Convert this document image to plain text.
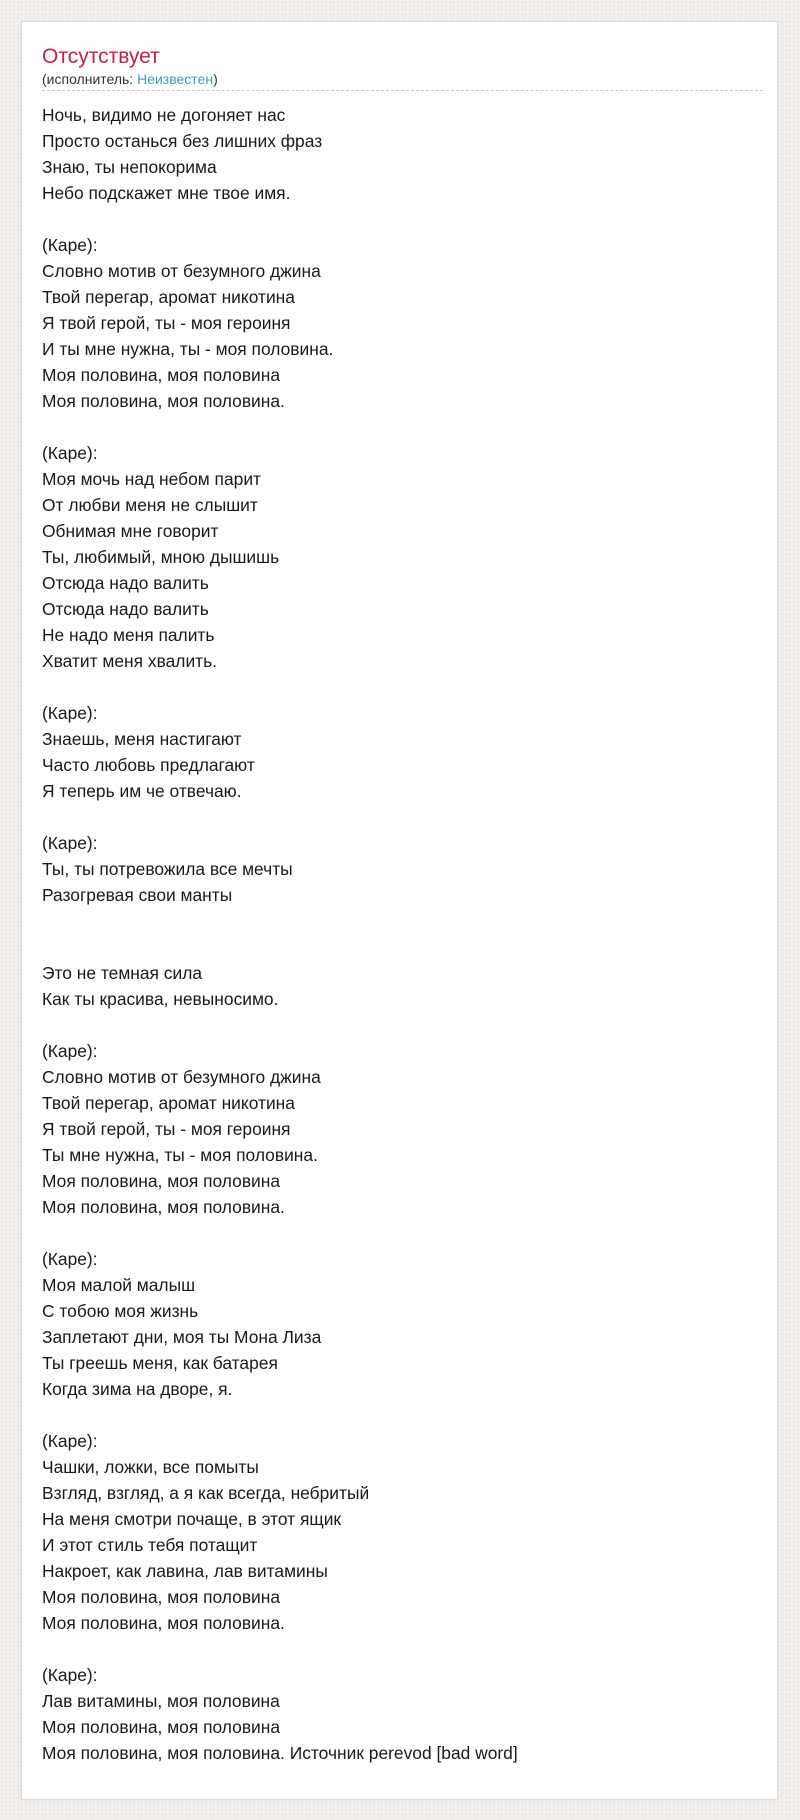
Отсутствует
(исполнитель: Неизвестен)
Ночь, видимо не догоняет нас
Просто останься без лишних фраз
Знаю, ты непокорима
Небо подскажет мне твое имя.
(Каре):
Словно мотив от безумного джина
Твой перегар, аромат никотина
Я твой герой, ты - моя героиня
И ты мне нужна, ты - моя половина.
Моя половина, моя половина
Моя половина, моя половина.
(Каре):
Моя мочь над небом парит
От любви меня не слышит
Обнимая мне говорит
Ты, любимый, мною дышишь
Отсюда надо валить
Отсюда надо валить
Не надо меня палить
Хватит меня хвалить.
(Каре):
Знаешь, меня настигают
Часто любовь предлагают
Я теперь им че отвечаю.
(Каре):
Ты, ты потревожила все мечты
Разогревая свои манты
Это не темная сила
Как ты красива, невыносимо.
(Каре):
Словно мотив от безумного джина
Твой перегар, аромат никотина
Я твой герой, ты - моя героиня
Ты мне нужна, ты - моя половина.
Моя половина, моя половина
Моя половина, моя половина.
(Каре):
Моя малой малыш
С тобою моя жизнь
Заплетают дни, моя ты Мона Лиза
Ты греешь меня, как батарея
Когда зима на дворе, я.
(Каре):
Чашки, ложки, все помыты
Взгляд, взгляд, а я как всегда, небритый
На меня смотри почаще, в этот ящик
И этот стиль тебя потащит
Накроет, как лавина, лав витамины
Моя половина, моя половина
Моя половина, моя половина.
(Каре):
Лав витамины, моя половина
Моя половина, моя половина
Моя половина, моя половина. Источник perevod [bad word]
